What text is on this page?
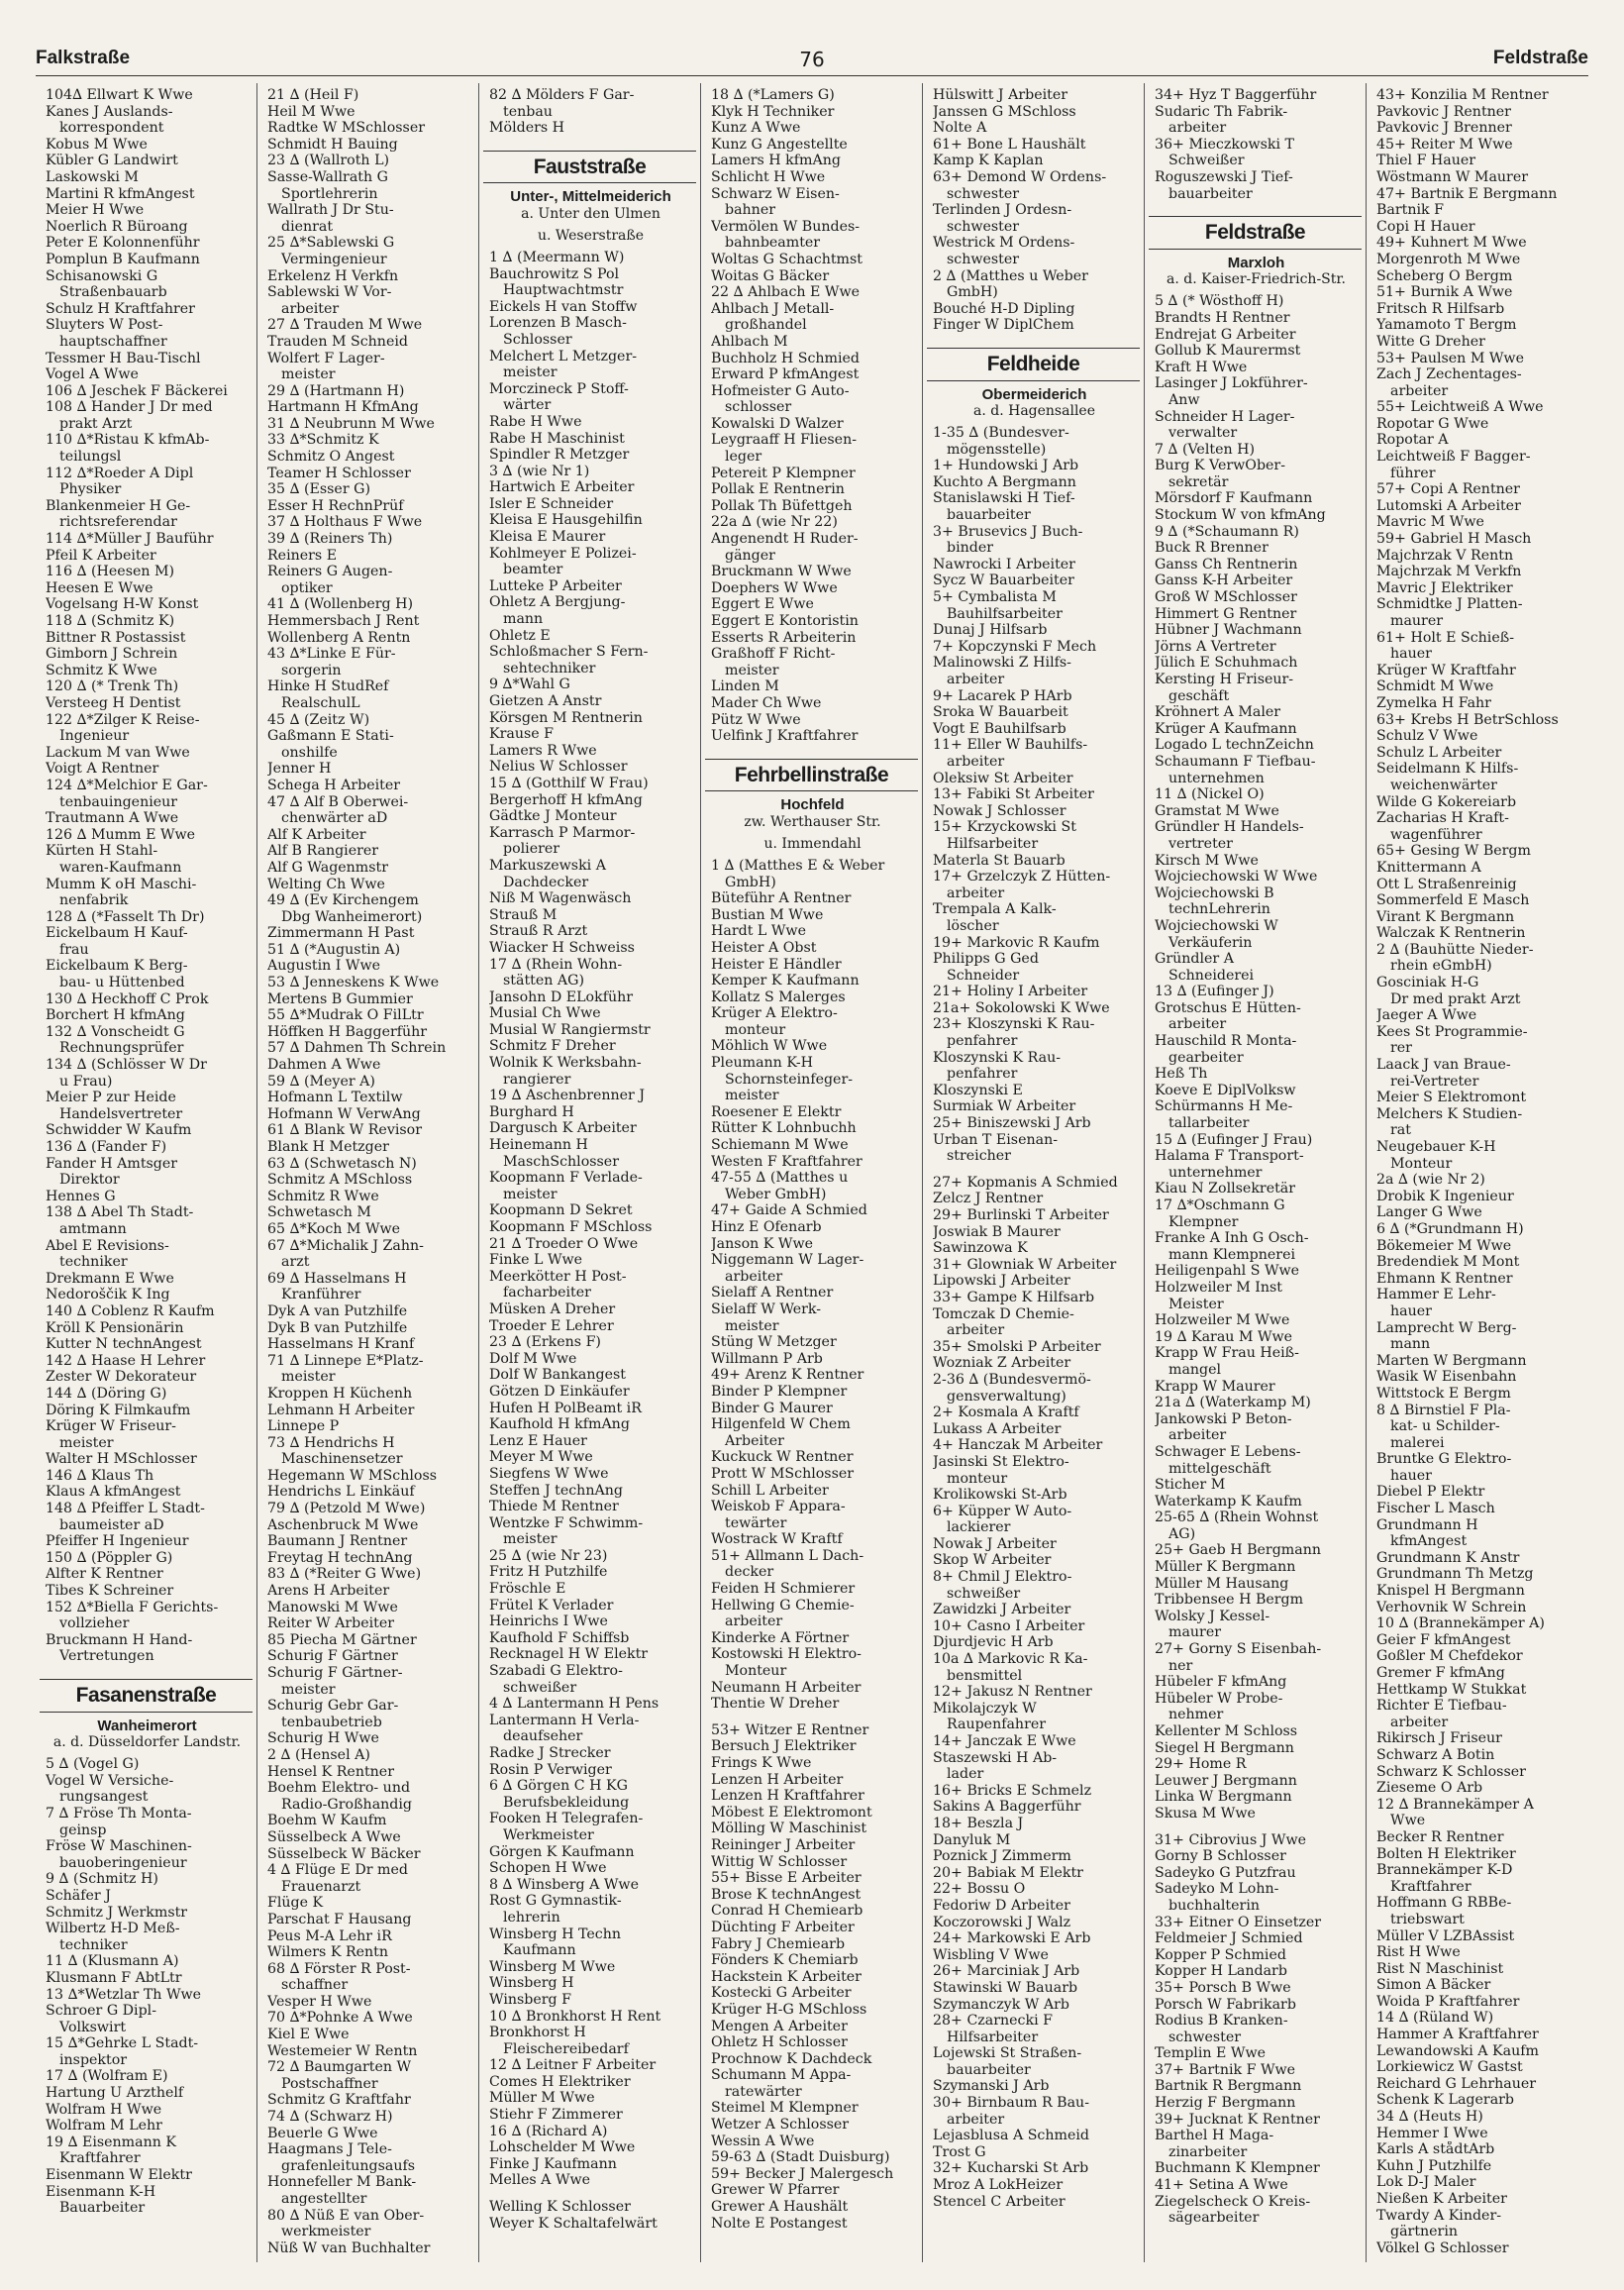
Falkstraße	76	Feldstraße
104∆ Ellwart K Wwe
Kanes J Auslands-
korrespondent
Kobus M Wwe
Kübler G Landwirt
Laskowski M
Martini R kfmAngest
Meier H Wwe
Noerlich R Büroang
Peter E Kolonnenführ
Pomplun B Kaufmann
Schisanowski G
Straßenbauarb
Schulz H Kraftfahrer
Sluyters W Post-
hauptschaffner
Tessmer H Bau-Tischl
Vogel A Wwe
106 ∆ Jeschek F Bäckerei
108 ∆ Hander J Dr med
prakt Arzt
110 ∆*Ristau K kfmAb-
teilungsl
112 ∆*Roeder A Dipl
Physiker
Blankenmeier H Ge-
richtsreferendar
114 ∆*Müller J Bauführ
Pfeil K Arbeiter
116 ∆ (Heesen M)
Heesen E Wwe
Vogelsang H-W Konst
118 ∆ (Schmitz K)
Bittner R Postassist
Gimborn J Schrein
Schmitz K Wwe
120 ∆ (* Trenk Th)
Versteeg H Dentist
122 ∆*Zilger K Reise-
Ingenieur
Lackum M van Wwe
Voigt A Rentner
124 ∆*Melchior E Gar-
tenbauingenieur
Trautmann A Wwe
126 ∆ Mumm E Wwe
Kürten H Stahl-
waren-Kaufmann
Mumm K oH Maschi-
nenfabrik
128 ∆ (*Fasselt Th Dr)
Eickelbaum H Kauf-
frau
Eickelbaum K Berg-
bau- u Hüttenbed
130 ∆ Heckhoff C Prok
Borchert H kfmAng
132 ∆ Vonscheidt G
Rechnungsprüfer
134 ∆ (Schlösser W Dr
u Frau)
Meier P zur Heide
Handelsvertreter
Schwidder W Kaufm
136 ∆ (Fander F)
Fander H Amtsger
Direktor
Hennes G
138 ∆ Abel Th Stadt-
amtmann
Abel E Revisions-
techniker
Drekmann E Wwe
Nedoroščik K Ing
140 ∆ Coblenz R Kaufm
Kröll K Pensionärin
Kutter N technAngest
142 ∆ Haase H Lehrer
Zester W Dekorateur
144 ∆ (Döring G)
Döring K Filmkaufm
Krüger W Friseur-
meister
Walter H MSchlosser
146 ∆ Klaus Th
Klaus A kfmAngest
148 ∆ Pfeiffer L Stadt-
baumeister aD
Pfeiffer H Ingenieur
150 ∆ (Pöppler G)
Alfter K Rentner
Tibes K Schreiner
152 ∆*Biella F Gerichts-
vollzieher
Bruckmann H Hand-
Vertretungen
Fasanenstraße
Wanheimerort
a. d. Düsseldorfer Landstr.
5 ∆ (Vogel G)
Vogel W Versiche-
rungsangest
7 ∆ Fröse Th Monta-
geinsp
Fröse W Maschinen-
bauoberingenieur
9 ∆ (Schmitz H)
Schäfer J
Schmitz J Werkmstr
Wilbertz H-D Meß-
techniker
11 ∆ (Klusmann A)
Klusmann F AbtLtr
13 ∆*Wetzlar Th Wwe
Schroer G Dipl-
Volkswirt
15 ∆*Gehrke L Stadt-
inspektor
17 ∆ (Wolfram E)
Hartung U Arzthelf
Wolfram H Wwe
Wolfram M Lehr
19 ∆ Eisenmann K
Kraftfahrer
Eisenmann W Elektr
Eisenmann K-H
Bauarbeiter
21 ∆ (Heil F)
Heil M Wwe
Radtke W MSchlosser
Schmidt H Bauing
23 ∆ (Wallroth L)
Sasse-Wallrath G
Sportlehrerin
Wallrath J Dr Stu-
dienrat
25 ∆*Sablewski G
Vermingenieur
Erkelenz H Verkfn
Sablewski W Vor-
arbeiter
27 ∆ Trauden M Wwe
Trauden M Schneid
Wolfert F Lager-
meister
29 ∆ (Hartmann H)
Hartmann H KfmAng
31 ∆ Neubrunn M Wwe
33 ∆*Schmitz K
Schmitz O Angest
Teamer H Schlosser
35 ∆ (Esser G)
Esser H RechnPrüf
37 ∆ Holthaus F Wwe
39 ∆ (Reiners Th)
Reiners E
Reiners G Augen-
optiker
41 ∆ (Wollenberg H)
Hemmersbach J Rent
Wollenberg A Rentn
43 ∆*Linke E Für-
sorgerin
Hinke H StudRef
RealschulL
45 ∆ (Zeitz W)
Gaßmann E Stati-
onshilfe
Jenner H
Schega H Arbeiter
47 ∆ Alf B Oberwei-
chenwärter aD
Alf K Arbeiter
Alf B Rangierer
Alf G Wagenmstr
Welting Ch Wwe
49 ∆ (Ev Kirchengem
Dbg Wanheimerort)
Zimmermann H Past
51 ∆ (*Augustin A)
Augustin I Wwe
53 ∆ Jenneskens K Wwe
Mertens B Gummier
55 ∆*Mudrak O FilLtr
Höffken H Baggerführ
57 ∆ Dahmen Th Schrein
Dahmen A Wwe
59 ∆ (Meyer A)
Hofmann L Textilw
Hofmann W VerwAng
61 ∆ Blank W Revisor
Blank H Metzger
63 ∆ (Schwetasch N)
Schmitz A MSchloss
Schmitz R Wwe
Schwetasch M
65 ∆*Koch M Wwe
67 ∆*Michalik J Zahn-
arzt
69 ∆ Hasselmans H
Kranführer
Dyk A van Putzhilfe
Dyk B van Putzhilfe
Hasselmans H Kranf
71 ∆ Linnepe E*Platz-
meister
Kroppen H Küchenh
Lehmann H Arbeiter
Linnepe P
73 ∆ Hendrichs H
Maschinensetzer
Hegemann W MSchloss
Hendrichs L Einkäuf
79 ∆ (Petzold M Wwe)
Aschenbruck M Wwe
Baumann J Rentner
Freytag H technAng
83 ∆ (*Reiter G Wwe)
Arens H Arbeiter
Manowski M Wwe
Reiter W Arbeiter
85 Piecha M Gärtner
Schurig F Gärtner
Schurig F Gärtner-
meister
Schurig Gebr Gar-
tenbaubetrieb
Schurig H Wwe
2 ∆ (Hensel A)
Hensel K Rentner
Boehm Elektro- und
Radio-Großhandig
Boehm W Kaufm
Süsselbeck A Wwe
Süsselbeck W Bäcker
4 ∆ Flüge E Dr med
Frauenarzt
Flüge K
Parschat F Hausang
Peus M-A Lehr iR
Wilmers K Rentn
68 ∆ Förster R Post-
schaffner
Vesper H Wwe
70 ∆*Pohnke A Wwe
Kiel E Wwe
Westemeier W Rentn
72 ∆ Baumgarten W
Postschaffner
Schmitz G Kraftfahr
74 ∆ (Schwarz H)
Beuerle G Wwe
Haagmans J Tele-
grafenleitungsaufs
Honnefeller M Bank-
angestellter
80 ∆ Nüß E van Ober-
werkmeister
Nüß W van Buchhalter
82 ∆ Mölders F Gar-
tenbau
Mölders H
Fauststraße
Unter-, Mittelmeiderich
a. Unter den Ulmen
u. Weserstraße
1 ∆ (Meermann W)
Bauchrowitz S Pol
Hauptwachtmstr
Eickels H van Stoffw
Lorenzen B Masch-
Schlosser
Melchert L Metzger-
meister
Morczineck P Stoff-
wärter
Rabe H Wwe
Rabe H Maschinist
Spindler R Metzger
3 ∆ (wie Nr 1)
Hartwich E Arbeiter
Isler E Schneider
Kleisa E Hausgehilfin
Kleisa E Maurer
Kohlmeyer E Polizei-
beamter
Lutteke P Arbeiter
Ohletz A Bergjung-
mann
Ohletz E
Schloßmacher S Fern-
sehtechniker
9 ∆*Wahl G
Gietzen A Anstr
Körsgen M Rentnerin
Krause F
Lamers R Wwe
Nelius W Schlosser
15 ∆ (Gotthilf W Frau)
Bergerhoff H kfmAng
Gädtke J Monteur
Karrasch P Marmor-
polierer
Markuszewski A
Dachdecker
Niß M Wagenwäsch
Strauß M
Strauß R Arzt
Wiacker H Schweiss
17 ∆ (Rhein Wohn-
stätten AG)
Jansohn D ELokführ
Musial Ch Wwe
Musial W Rangiermstr
Schmitz F Dreher
Wolnik K Werksbahn-
rangierer
19 ∆ Aschenbrenner J
Burghard H
Dargusch K Arbeiter
Heinemann H
MaschSchlosser
Koopmann F Verlade-
meister
Koopmann D Sekret
Koopmann F MSchloss
21 ∆ Troeder O Wwe
Finke L Wwe
Meerkötter H Post-
facharbeiter
Müsken A Dreher
Troeder E Lehrer
23 ∆ (Erkens F)
Dolf M Wwe
Dolf W Bankangest
Götzen D Einkäufer
Hufen H PolBeamt iR
Kaufhold H kfmAng
Lenz E Hauer
Meyer M Wwe
Siegfens W Wwe
Steffen J technAng
Thiede M Rentner
Wentzke F Schwimm-
meister
25 ∆ (wie Nr 23)
Fritz H Putzhilfe
Fröschle E
Frütel K Verlader
Heinrichs I Wwe
Kaufhold F Schiffsb
Recknagel H W Elektr
Szabadi G Elektro-
schweißer
4 ∆ Lantermann H Pens
Lantermann H Verla-
deaufseher
Radke J Strecker
Rosin P Verwiger
6 ∆ Görgen C H KG
Berufsbekleidung
Fooken H Telegrafen-
Werkmeister
Görgen K Kaufmann
Schopen H Wwe
8 ∆ Winsberg A Wwe
Rost G Gymnastik-
lehrerin
Winsberg H Techn
Kaufmann
Winsberg M Wwe
Winsberg H
Winsberg F
10 ∆ Bronkhorst H Rent
Bronkhorst H
Fleischereibedarf
12 ∆ Leitner F Arbeiter
Comes H Elektriker
Müller M Wwe
Stiehr F Zimmerer
16 ∆ (Richard A)
Lohschelder M Wwe
Finke J Kaufmann
Melles A Wwe
Welling K Schlosser
Weyer K Schaltafelwärt
18 ∆ (*Lamers G)
Klyk H Techniker
Kunz A Wwe
Kunz G Angestellte
Lamers H kfmAng
Schlicht H Wwe
Schwarz W Eisen-
bahner
Vermölen W Bundes-
bahnbeamter
Woltas G Schachtmst
Woitas G Bäcker
22 ∆ Ahlbach E Wwe
Ahlbach J Metall-
großhandel
Ahlbach M
Buchholz H Schmied
Erward P kfmAngest
Hofmeister G Auto-
schlosser
Kowalski D Walzer
Leygraaff H Fliesen-
leger
Petereit P Klempner
Pollak E Rentnerin
Pollak Th Büfettgeh
22a ∆ (wie Nr 22)
Angenendt H Ruder-
gänger
Bruckmann W Wwe
Doephers W Wwe
Eggert E Wwe
Eggert E Kontoristin
Esserts R Arbeiterin
Graßhoff F Richt-
meister
Linden M
Mader Ch Wwe
Pütz W Wwe
Uelfink J Kraftfahrer
Fehrbellinstraße
Hochfeld
zw. Werthauser Str.
u. Immendahl
1 ∆ (Matthes E & Weber
GmbH)
Büteführ A Rentner
Bustian M Wwe
Hardt L Wwe
Heister A Obst
Heister E Händler
Kemper K Kaufmann
Kollatz S Malerges
Krüger A Elektro-
monteur
Möhlich W Wwe
Pleumann K-H
Schornsteinfeger-
meister
Roesener E Elektr
Rütter K Lohnbuchh
Schiemann M Wwe
Westen F Kraftfahrer
47-55 ∆ (Matthes u
Weber GmbH)
47+ Gaide A Schmied
Hinz E Ofenarb
Janson K Wwe
Niggemann W Lager-
arbeiter
Sielaff A Rentner
Sielaff W Werk-
meister
Stüng W Metzger
Willmann P Arb
49+ Arenz K Rentner
Binder P Klempner
Binder G Maurer
Hilgenfeld W Chem
Arbeiter
Kuckuck W Rentner
Prott W MSchlosser
Schill L Arbeiter
Weiskob F Appara-
tewärter
Wostrack W Kraftf
51+ Allmann L Dach-
decker
Feiden H Schmierer
Hellwing G Chemie-
arbeiter
Kinderke A Förtner
Kostowski H Elektro-
Monteur
Neumann H Arbeiter
Thentie W Dreher
53+ Witzer E Rentner
Bersuch J Elektriker
Frings K Wwe
Lenzen H Arbeiter
Lenzen H Kraftfahrer
Möbest E Elektromont
Mölling W Maschinist
Reininger J Arbeiter
Wittig W Schlosser
55+ Bisse E Arbeiter
Brose K technAngest
Conrad H Chemiearb
Düchting F Arbeiter
Fabry J Chemiearb
Fönders K Chemiarb
Hackstein K Arbeiter
Kostecki G Arbeiter
Krüger H-G MSchloss
Mengen A Arbeiter
Ohletz H Schlosser
Prochnow K Dachdeck
Schumann M Appa-
ratewärter
Steimel M Klempner
Wetzer A Schlosser
Wessin A Wwe
59-63 ∆ (Stadt Duisburg)
59+ Becker J Malergesch
Grewer W Pfarrer
Grewer A Haushält
Nolte E Postangest
Hülswitt J Arbeiter
Janssen G MSchloss
Nolte A
61+ Bone L Haushält
Kamp K Kaplan
63+ Demond W Ordens-
schwester
Terlinden J Ordesn-
schwester
Westrick M Ordens-
schwester
2 ∆ (Matthes u Weber
GmbH)
Bouché H-D Dipling
Finger W DiplChem
Feldheide
Obermeiderich
a. d. Hagensallee
1-35 ∆ (Bundesver-
mögensstelle)
1+ Hundowski J Arb
Kuchto A Bergmann
Stanislawski H Tief-
bauarbeiter
3+ Brusevics J Buch-
binder
Nawrocki I Arbeiter
Sycz W Bauarbeiter
5+ Cymbalista M
Bauhilfsarbeiter
Dunaj J Hilfsarb
7+ Kopczynski F Mech
Malinowski Z Hilfs-
arbeiter
9+ Lacarek P HArb
Sroka W Bauarbeit
Vogt E Bauhilfsarb
11+ Eller W Bauhilfs-
arbeiter
Oleksiw St Arbeiter
13+ Fabiki St Arbeiter
Nowak J Schlosser
15+ Krzyckowski St
Hilfsarbeiter
Materla St Bauarb
17+ Grzelczyk Z Hütten-
arbeiter
Trempala A Kalk-
löscher
19+ Markovic R Kaufm
Philipps G Ged
Schneider
21+ Holiny I Arbeiter
21a+ Sokolowski K Wwe
23+ Kloszynski K Rau-
penfahrer
Kloszynski K Rau-
penfahrer
Kloszynski E
Surmiak W Arbeiter
25+ Biniszewski J Arb
Urban T Eisenan-
streicher
27+ Kopmanis A Schmied
Zelcz J Rentner
29+ Burlinski T Arbeiter
Joswiak B Maurer
Sawinzowa K
31+ Glowniak W Arbeiter
Lipowski J Arbeiter
33+ Gampe K Hilfsarb
Tomczak D Chemie-
arbeiter
35+ Smolski P Arbeiter
Wozniak Z Arbeiter
2-36 ∆ (Bundesvermö-
gensverwaltung)
2+ Kosmala A Kraftf
Lukass A Arbeiter
4+ Hanczak M Arbeiter
Jasinski St Elektro-
monteur
Krolikowski St-Arb
6+ Küpper W Auto-
lackierer
Nowak J Arbeiter
Skop W Arbeiter
8+ Chmil J Elektro-
schweißer
Zawidzki J Arbeiter
10+ Casno I Arbeiter
Djurdjevic H Arb
10a ∆ Markovic R Ka-
bensmittel
12+ Jakusz N Rentner
Mikolajczyk W
Raupenfahrer
14+ Janczak E Wwe
Staszewski H Ab-
lader
16+ Bricks E Schmelz
Sakins A Baggerführ
18+ Beszla J
Danyluk M
Poznick J Zimmerm
20+ Babiak M Elektr
22+ Bossu O
Fedoriw D Arbeiter
Koczorowski J Walz
24+ Markowski E Arb
Wisbling V Wwe
26+ Marciniak J Arb
Stawinski W Bauarb
Szymanczyk W Arb
28+ Czarnecki F
Hilfsarbeiter
Lojewski St Straßen-
bauarbeiter
Szymanski J Arb
30+ Birnbaum R Bau-
arbeiter
Lejasblusa A Schmeid
Trost G
32+ Kucharski St Arb
Mroz A LokHeizer
Stencel C Arbeiter
34+ Hyz T Baggerführ
Sudaric Th Fabrik-
arbeiter
36+ Mieczkowski T
Schweißer
Roguszewski J Tief-
bauarbeiter
Feldstraße
Marxloh
a. d. Kaiser-Friedrich-Str.
5 ∆ (* Wösthoff H)
Brandts H Rentner
Endrejat G Arbeiter
Gollub K Maurermst
Kraft H Wwe
Lasinger J Lokführer-
Anw
Schneider H Lager-
verwalter
7 ∆ (Velten H)
Burg K VerwOber-
sekretär
Mörsdorf F Kaufmann
Stockum W von kfmAng
9 ∆ (*Schaumann R)
Buck R Brenner
Ganss Ch Rentnerin
Ganss K-H Arbeiter
Groß W MSchlosser
Himmert G Rentner
Hübner J Wachmann
Jörns A Vertreter
Jülich E Schuhmach
Kersting H Friseur-
geschäft
Kröhnert A Maler
Krüger A Kaufmann
Logado L technZeichn
Schaumann F Tiefbau-
unternehmen
11 ∆ (Nickel O)
Gramstat M Wwe
Gründler H Handels-
vertreter
Kirsch M Wwe
Wojciechowski W Wwe
Wojciechowski B
technLehrerin
Wojciechowski W
Verkäuferin
Gründler A
Schneiderei
13 ∆ (Eufinger J)
Grotschus E Hütten-
arbeiter
Hauschild R Monta-
gearbeiter
Heß Th
Koeve E DiplVolksw
Schürmanns H Me-
tallarbeiter
15 ∆ (Eufinger J Frau)
Halama F Transport-
unternehmer
Kiau N Zollsekretär
17 ∆*Oschmann G
Klempner
Franke A Inh G Osch-
mann Klempnerei
Heiligenpahl S Wwe
Holzweiler M Inst
Meister
Holzweiler M Wwe
19 ∆ Karau M Wwe
Krapp W Frau Heiß-
mangel
Krapp W Maurer
21a ∆ (Waterkamp M)
Jankowski P Beton-
arbeiter
Schwager E Lebens-
mittelgeschäft
Sticher M
Waterkamp K Kaufm
25-65 ∆ (Rhein Wohnst
AG)
25+ Gaeb H Bergmann
Müller K Bergmann
Müller M Hausang
Tribbensee H Bergm
Wolsky J Kessel-
maurer
27+ Gorny S Eisenbah-
ner
Hübeler F kfmAng
Hübeler W Probe-
nehmer
Kellenter M Schloss
Siegel H Bergmann
29+ Home R
Leuwer J Bergmann
Linka W Bergmann
Skusa M Wwe
31+ Cibrovius J Wwe
Gorny B Schlosser
Sadeyko G Putzfrau
Sadeyko M Lohn-
buchhalterin
33+ Eitner O Einsetzer
Feldmeier J Schmied
Kopper P Schmied
Kopper H Landarb
35+ Porsch B Wwe
Porsch W Fabrikarb
Rodius B Kranken-
schwester
Templin E Wwe
37+ Bartnik F Wwe
Bartnik R Bergmann
Herzig F Bergmann
39+ Jucknat K Rentner
Barthel H Maga-
zinarbeiter
Buchmann K Klempner
41+ Setina A Wwe
Ziegelscheck O Kreis-
sägearbeiter
43+ Konzilia M Rentner
Pavkovic J Rentner
Pavkovic J Brenner
45+ Reiter M Wwe
Thiel F Hauer
Wöstmann W Maurer
47+ Bartnik E Bergmann
Bartnik F
Copi H Hauer
49+ Kuhnert M Wwe
Morgenroth M Wwe
Scheberg O Bergm
51+ Burnik A Wwe
Fritsch R Hilfsarb
Yamamoto T Bergm
Witte G Dreher
53+ Paulsen M Wwe
Zach J Zechentages-
arbeiter
55+ Leichtweiß A Wwe
Ropotar G Wwe
Ropotar A
Leichtweiß F Bagger-
führer
57+ Copi A Rentner
Lutomski A Arbeiter
Mavric M Wwe
59+ Gabriel H Masch
Majchrzak V Rentn
Majchrzak M Verkfn
Mavric J Elektriker
Schmidtke J Platten-
maurer
61+ Holt E Schieß-
hauer
Krüger W Kraftfahr
Schmidt M Wwe
Zymelka H Fahr
63+ Krebs H BetrSchloss
Schulz V Wwe
Schulz L Arbeiter
Seidelmann K Hilfs-
weichenwärter
Wilde G Kokereiarb
Zacharias H Kraft-
wagenführer
65+ Gesing W Bergm
Knittermann A
Ott L Straßenreinig
Sommerfeld E Masch
Virant K Bergmann
Walczak K Rentnerin
2 ∆ (Bauhütte Nieder-
rhein eGmbH)
Gosciniak H-G
Dr med prakt Arzt
Jaeger A Wwe
Kees St Programmie-
rer
Laack J van Braue-
rei-Vertreter
Meier S Elektromont
Melchers K Studien-
rat
Neugebauer K-H
Monteur
2a ∆ (wie Nr 2)
Drobik K Ingenieur
Langer G Wwe
6 ∆ (*Grundmann H)
Bökemeier M Wwe
Bredendiek M Mont
Ehmann K Rentner
Hammer E Lehr-
hauer
Lamprecht W Berg-
mann
Marten W Bergmann
Wasik W Eisenbahn
Wittstock E Bergm
8 ∆ Birnstiel F Pla-
kat- u Schilder-
malerei
Bruntke G Elektro-
hauer
Diebel P Elektr
Fischer L Masch
Grundmann H
kfmAngest
Grundmann K Anstr
Grundmann Th Metzg
Knispel H Bergmann
Verhovnik W Schrein
10 ∆ (Brannekämper A)
Geier F kfmAngest
Goßler M Chefdekor
Gremer F kfmAng
Hettkamp W Stukkat
Richter E Tiefbau-
arbeiter
Rikirsch J Friseur
Schwarz A Botin
Schwarz K Schlosser
Zieseme O Arb
12 ∆ Brannekämper A
Wwe
Becker R Rentner
Bolten H Elektriker
Brannekämper K-D
Kraftfahrer
Hoffmann G RBBe-
triebswart
Müller V LZBAssist
Rist H Wwe
Rist N Maschinist
Simon A Bäcker
Woida P Kraftfahrer
14 ∆ (Rüland W)
Hammer A Kraftfahrer
Lewandowski A Kaufm
Lorkiewicz W Gastst
Reichard G Lehrhauer
Schenk K Lagerarb
34 ∆ (Heuts H)
Hemmer I Wwe
Karls A stådtArb
Kuhn J Putzhilfe
Lok D-J Maler
Nießen K Arbeiter
Twardy A Kinder-
gärtnerin
Völkel G Schlosser
